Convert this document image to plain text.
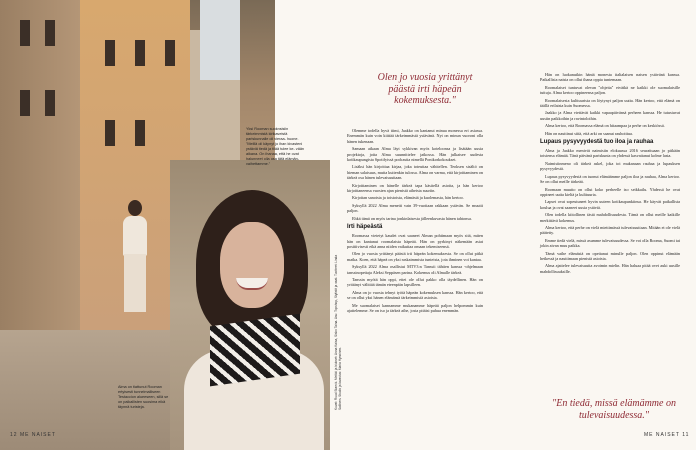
Yksi Rooman suoknsisiin tärkeimmistä kirikaveistä pariskunnalle oli vieraa- huone. "Meillä oli käynyt jo ihan kivasteni ystäviä tiedä ja tiiää tulee ke- vään aikana. On ihanaa, että he ovat halunneet olla osa tätä elämän- vaihettamme."
Alma on tiattunut Rooman ertyisesti tunnelmalliseen Testaccion alueeseen, sillä se on paikallisten suosima eikä täynnä turisteja.	Kuvat: Ruud Staeck. Meikki ja hiukset: Anna Kaisa, Sisko Taina. Asu: Topshop, Stylistit ja vaat. Tuotteet: Linda Sallinen. Studio ja lavastus: Maria Hynninen.
12 ME NAISET
Olen jo vuosia yrittänyt päästä irti häpeän kokemuksesta."

Olemme todella hyvä tiimi, Jaakko on kantanut minua monessa eri asiassa. Enemmän kuin voin kiittää tärkeimmästä ystävänä. Nyt on minun vuoroni olla hänen tukenaan.

Samaan aikaan Alma läyt sykkivan myös koteloonsa ja lisätään uusia projektoja, joita Alma suunnittelee jatkossa. Hän julkaisee uudesta kotikaupungista Spotifyissä podcastia nimellä Ponikorkokoukset.

Lisäksi hän kirjoittaa kirjaa, joka toteuttaa vähitellen. Teoksen sisältö on hieman salaisuus, mutta kuitenkin tulossa. Alma on varma, että kirjoittaminen on tärkeä osa hänen tulevaisuuttaan.

Kirjoittaminen on hänelle tärkeä tapa käsitellä asioita, ja hän kertoo kirjoittaneensa vuosien ajan pienistä aiheista suuriin.

Kirjoitan sanoista ja toistoista, elämästä ja kuolemasta, hän kertoo.

Syksyllä 2022 Alma menetti vain 39-vuotiaan rakkaan ystävän. Se muutti paljon.

Ehkä tämä on myös tarina jonkinlaisesta jälleenkuvasta hänen tahtonsa.

Irti häpeästä

Roomassa vietetyt kaudet ovat saaneet Alman pohtimaan myös sitä, miten hän on kantanut roomalaista häpeää. Hän on pyrkinyt näkemään asiat positiivisesti eikä anna niiden vaikuttaa omaan tekemiseensä.

Olen jo vuosia yrittänyt päästä irti häpeän kokemuksesta. Se on ollut pitkä matka. Koen, että häpeä on yksi raskaimmista tunteista, jota ihminen voi kantaa.

Syksyllä 2022 Alma osallistui MTV3:n Tanssii tähtien kanssa -ohjelmaan tanssinopettaja Aleksi Seppäsen parina. Kokemus oli Almalle tärkeä.

Tanssin myötä hän oppi, ettei ole ollut pakko olla täydellinen. Hän on yrittänyt välittää tämän eteenpäin lapsilleen.

Alma on jo vuosia tehnyt työtä häpeän kokemuksen kanssa. Hän kertoo, että se on ollut yksi hänen elämänsä tärkeimmistä asioista.

Me suomalaiset kannamme mukanamme häpeää paljon helpommin kuin ajattelemme. Se on iso ja tärkeä aihe, josta pitäisi puhua enemmän.

Hän on luokanutkin häntä monesta italialaisen naisen ystävänä kanssa. Paikallisia naisia on ollut ihana oppia tuntemaan.

Roomalaiset tuntuvat olevan "ohjeita" eivätkä ne kaikki ole suomalaisille tuttuja. Alma kertoo oppineensa paljon.

Roomalaisesta kulttuurista on löytynyt paljon uutta. Hän kertoo, että elämä on täällä erilaista kuin Suomessa.

Jaakko ja Alma viettävät kaikki vapaapäivänsä perheen kanssa. He tutustuvat uusiin paikkoihin ja ravintoloihin.

Alma kertoo, että Roomassa elämä on hitaampaa ja perhe on keskiössä.

Hän on nauttinut siitä, että arki on saanut rauhoittua.

Lupaus pysyvyydestä tuo iloa ja rauhaa

Alma ja Jaakko menivät naimisiin elokuussa 2016 seurattuaan jo pitkään toistensa elämää. Tänä päivänä pariskunta on yhdessä kasvattanut kolme lasta.

Naimisiinmeno oli tärkeä askel, joka toi mukanaan rauhaa ja lupauksen pysyvyydestä.

Lupaus pysyvyydestä on tuonut elämäämme paljon iloa ja rauhaa, Alma kertoo. Se on ollut meille tärkeää.

Roomaan muutto on ollut koko perheelle iso seikkailu. Yhdessä he ovat oppineet uutta kieltä ja kulttuuria.

Lapset ovat sopeutuneet hyvin uuteen kotikaupunkiinsa. He käyvät paikallista koulua ja ovat saaneet uusia ystäviä.

Olen todella kiitollinen tästä mahdollisuudesta. Tämä on ollut meille kaikille merkittävä kokemus.

Alma kertoo, että perhe on vielä miettimässä tulevaisuuttaan. Mitään ei ole vielä päätetty.

Emme tiedä vielä, missä asumme tulevaisuudessa. Se voi olla Rooma, Suomi tai jokin aivan muu paikka.

Tämä vaihe elämästä on opettanut minulle paljon. Olen oppinut elämään hetkessä ja nauttimaan pienistä asioista.

Alma ajattelee tulevaisuutta avoimin mielin. Hän haluaa pitää ovet auki uusille mahdollisuuksille.

"En tiedä, missä elämämme on tulevaisuudessa."
ME NAISET 11
